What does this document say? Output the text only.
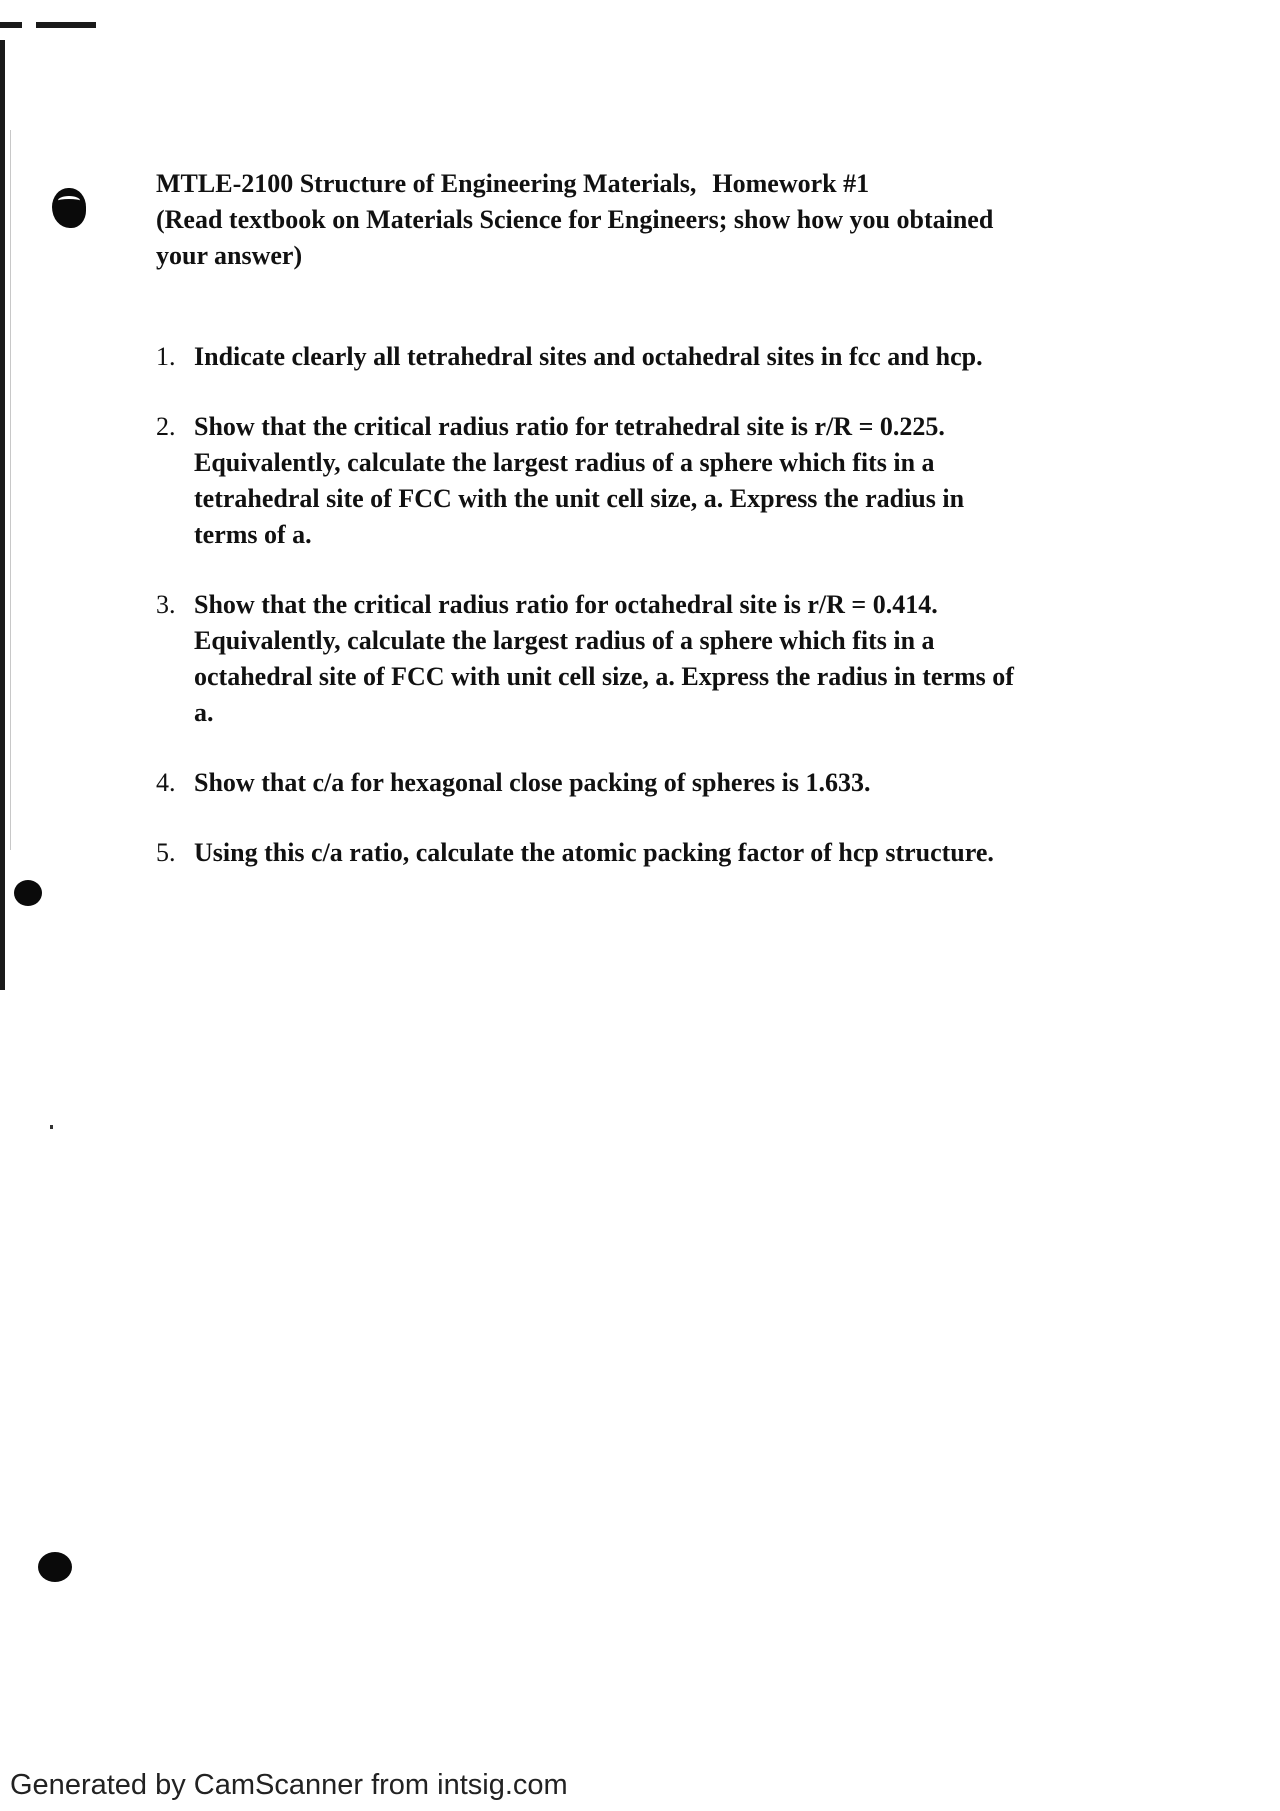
MTLE-2100 Structure of Engineering Materials, Homework #1

(Read textbook on Materials Science for Engineers; show how you obtained

your answer)

1. Indicate clearly all tetrahedral sites and octahedral sites in fcc and hcp.
2. Show that the critical radius ratio for tetrahedral site is r/R = 0.225.
Equivalently, calculate the largest radius of a sphere which fits in a
tetrahedral site of FCC with the unit cell size, a. Express the radius in
terms of a.
3. Show that the critical radius ratio for octahedral site is r/R = 0.414.
Equivalently, calculate the largest radius of a sphere which fits in a
octahedral site of FCC with unit cell size, a. Express the radius in terms of
a.
4. Show that c/a for hexagonal close packing of spheres is 1.633.
5. Using this c/a ratio, calculate the atomic packing factor of hcp structure.
Generated by CamScanner from intsig.com
